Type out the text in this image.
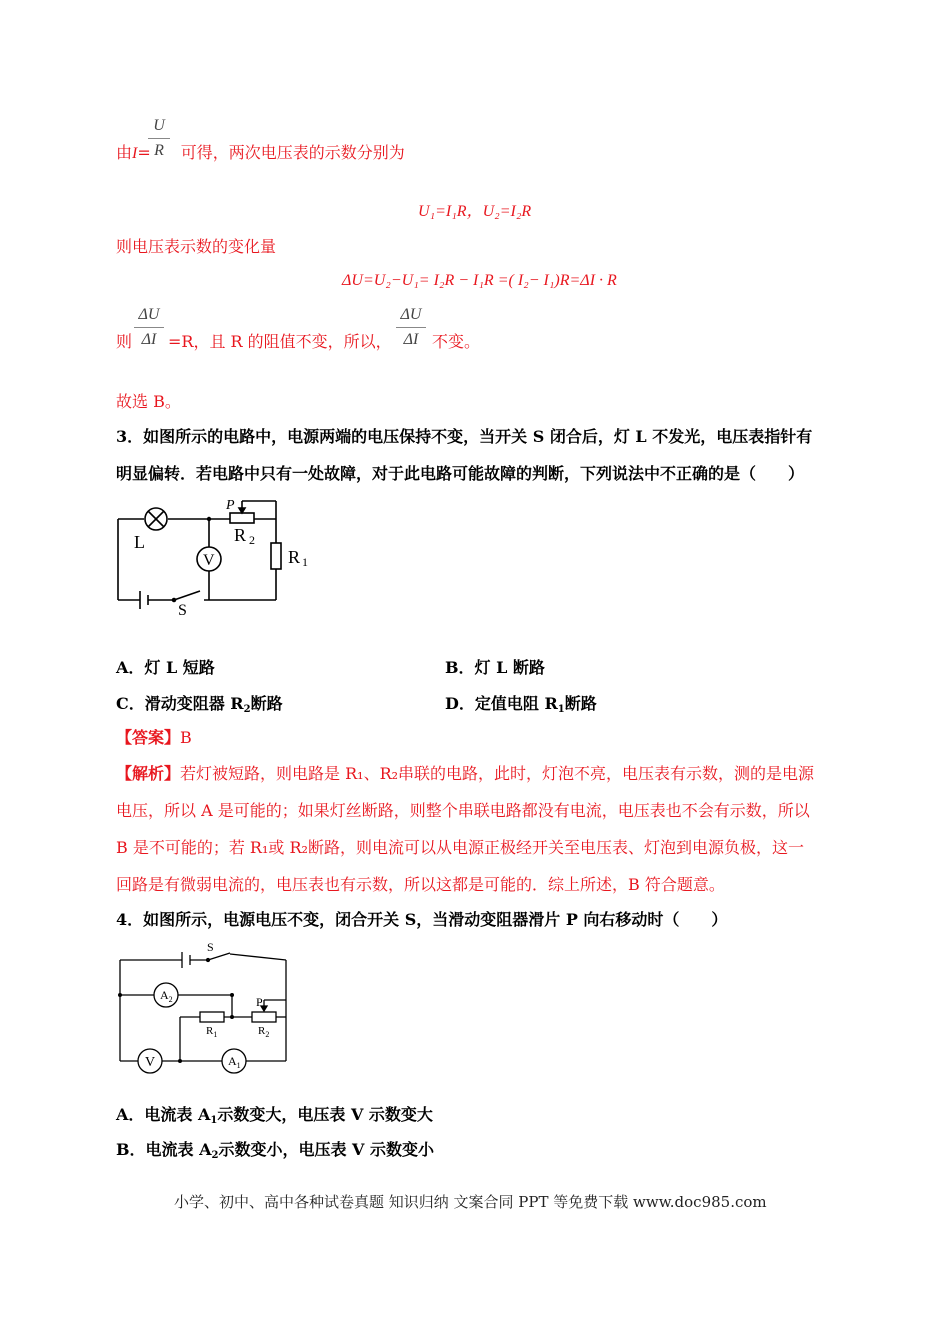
U
R
由I= 可得，两次电压表的示数分别为
U₁=I₁R，U₂=I₂R
则电压表示数的变化量
ΔU=U₂−U₁= I₂R − I₁R =( I₂− I₁)R=ΔI · R
ΔU
ΔI
则 =R，且 R 的阻值不变，所以，
ΔU
ΔI 不变。
故选 B。
3．如图所示的电路中，电源两端的电压保持不变，当开关 S 闭合后，灯 L 不发光，电压表指针有
明显偏转．若电路中只有一处故障，对于此电路可能故障的判断，下列说法中不正确的是（　　）
L
P
R 2
R 1
V
S
A．灯 L 短路	B．灯 L 断路
C．滑动变阻器 $R_2$断路	D．定值电阻 $R_1$断路
【答案】B
【解析】若灯被短路，则电路是 R₁、R₂串联的电路，此时，灯泡不亮，电压表有示数，测的是电源
电压，所以 A 是可能的；如果灯丝断路，则整个串联电路都没有电流，电压表也不会有示数，所以
B 是不可能的；若 R₁或 R₂断路，则电流可以从电源正极经开关至电压表、灯泡到电源负极，这一
回路是有微弱电流的，电压表也有示数，所以这都是可能的．综上所述，B 符合题意。
4．如图所示，电源电压不变，闭合开关 S，当滑动变阻器滑片 P 向右移动时（　　）
S
$A_2$	P
$R_1$	$R_2$
V	$A_1$
A．电流表 $A_1$示数变大，电压表 V 示数变大
B．电流表 $A_2$示数变小，电压表 V 示数变小
小学、初中、高中各种试卷真题 知识归纳 文案合同 PPT 等免费下载 www.doc985.com
